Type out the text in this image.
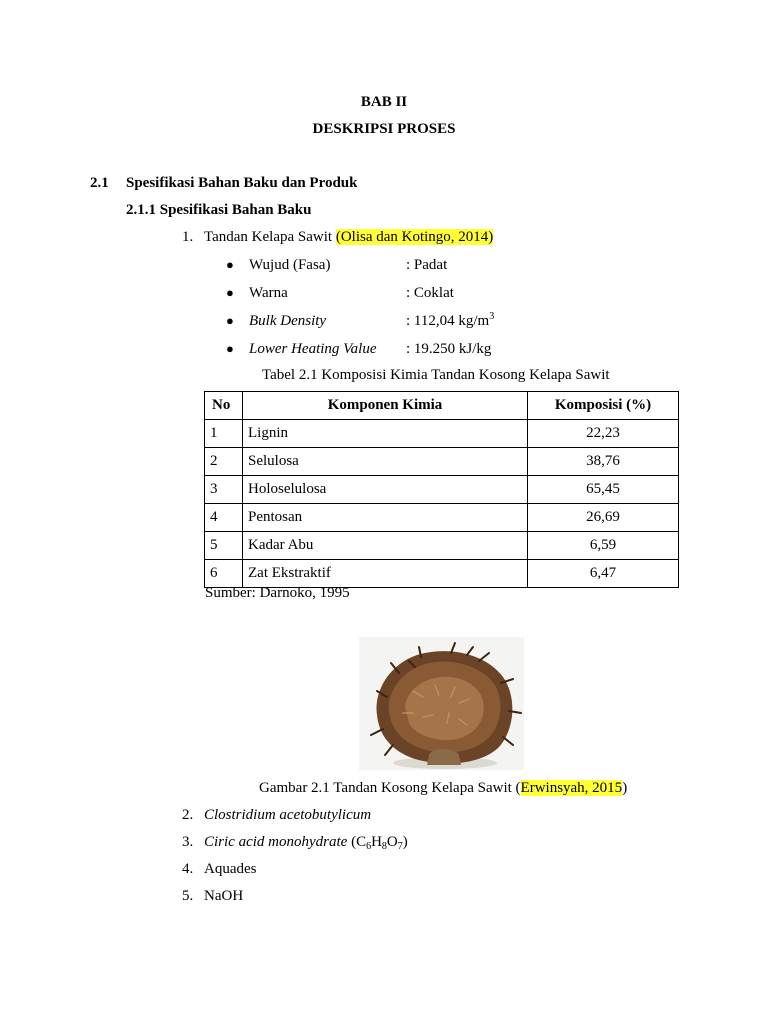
BAB II
DESKRIPSI PROSES
2.1 Spesifikasi Bahan Baku dan Produk
2.1.1 Spesifikasi Bahan Baku
1. Tandan Kelapa Sawit (Olisa dan Kotingo, 2014)
● Wujud (Fasa)	: Padat
● Warna	: Coklat
● Bulk Density	: 112,04 $kg/m^3$
● Lower Heating Value : 19.250 kJ/kg
Tabel 2.1 Komposisi Kimia Tandan Kosong Kelapa Sawit
No	Komponen Kimia	Komposisi (%)
1	Lignin	22,23
2	Selulosa	38,76
3	Holoselulosa	65,45
4	Pentosan	26,69
5	Kadar Abu	6,59
6	Zat Ekstraktif	6,47
Sumber: Darnoko, 1995
Gambar 2.1 Tandan Kosong Kelapa Sawit (Erwinsyah, 2015)
2. Clostridium acetobutylicum
3. Ciric acid monohydrate $(C_6H_8O_7)$
4. Aquades
5. NaOH
